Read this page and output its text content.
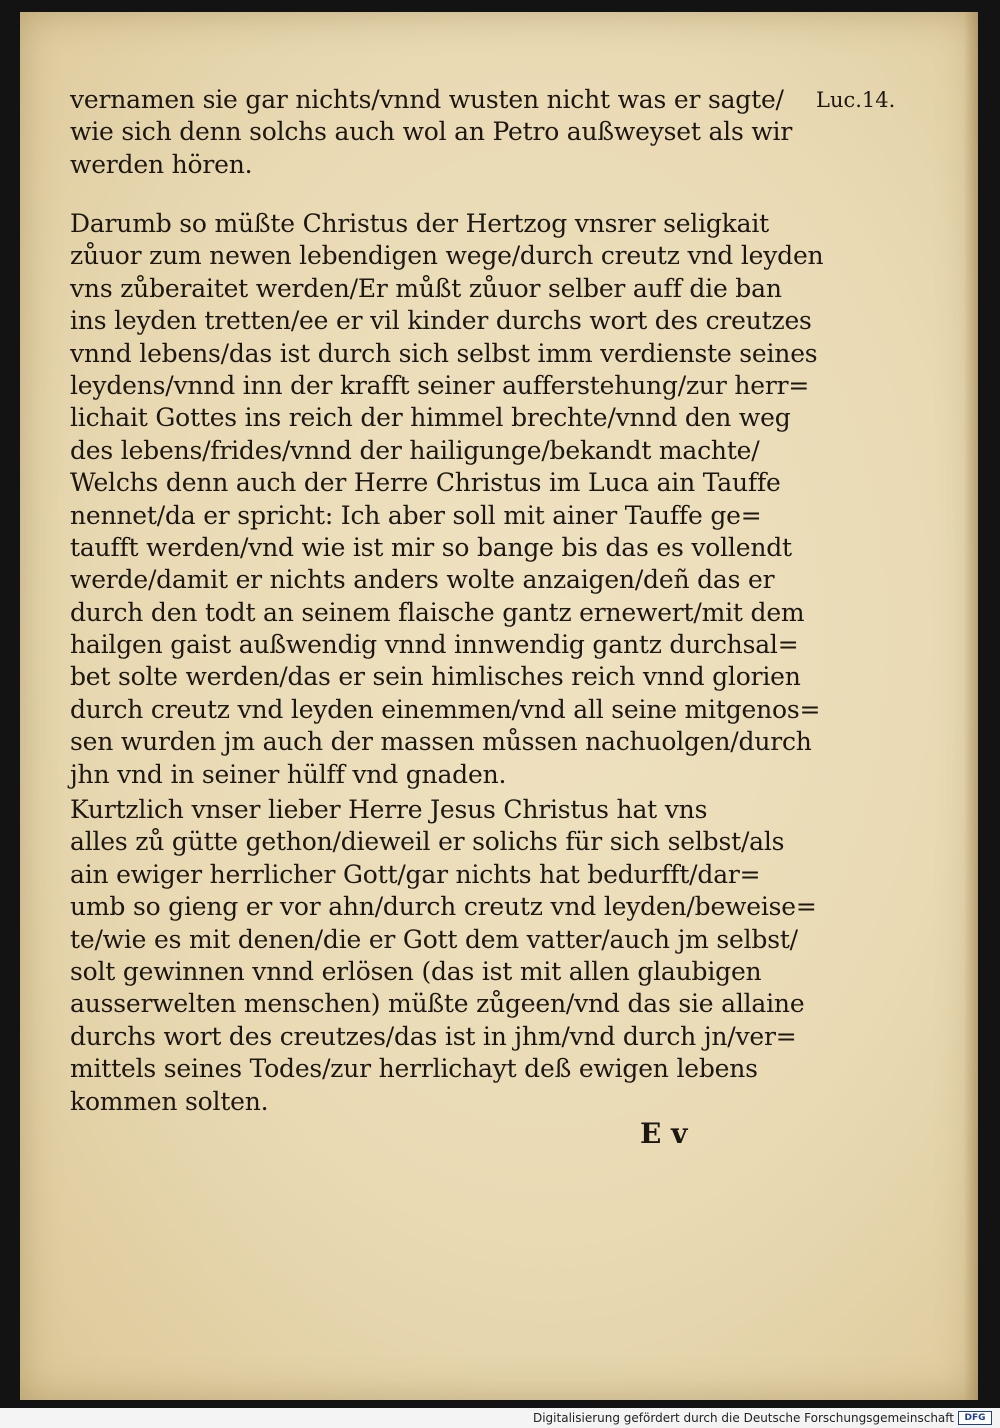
Luc.14.
vernamen sie gar nichts/vnnd wusten nicht was er sagte/
wie sich denn solchs auch wol an Petro außweyset als wir
werden hören.
Darumb so müßte Christus der Hertzog vnsrer seligkait
zůuor zum newen lebendigen wege/durch creutz vnd leyden
vns zůberaitet werden/Er můßt zůuor selber auff die ban
ins leyden tretten/ee er vil kinder durchs wort des creutzes
vnnd lebens/das ist durch sich selbst imm verdienste seines
leydens/vnnd inn der krafft seiner aufferstehung/zur herr=
lichait Gottes ins reich der himmel brechte/vnnd den weg
des lebens/frides/vnnd der hailigunge/bekandt machte/
Welchs denn auch der Herre Christus im Luca ain Tauffe
nennet/da er spricht: Ich aber soll mit ainer Tauffe ge=
taufft werden/vnd wie ist mir so bange bis das es vollendt
werde/damit er nichts anders wolte anzaigen/deñ das er
durch den todt an seinem flaische gantz ernewert/mit dem
hailgen gaist außwendig vnnd innwendig gantz durchsal=
bet solte werden/das er sein himlisches reich vnnd glorien
durch creutz vnd leyden einemmen/vnd all seine mitgenos=
sen wurden jm auch der massen můssen nachuolgen/durch
jhn vnd in seiner hülff vnd gnaden.
Kurtzlich vnser lieber Herre Jesus Christus hat vns
alles zů gütte gethon/dieweil er solichs für sich selbst/als
ain ewiger herrlicher Gott/gar nichts hat bedurfft/dar=
umb so gieng er vor ahn/durch creutz vnd leyden/beweise=
te/wie es mit denen/die er Gott dem vatter/auch jm selbst/
solt gewinnen vnnd erlösen (das ist mit allen glaubigen
ausserwelten menschen) müßte zůgeen/vnd das sie allaine
durchs wort des creutzes/das ist in jhm/vnd durch jn/ver=
mittels seines Todes/zur herrlichayt deß ewigen lebens
kommen solten.
E v
Digitalisierung gefördert durch die Deutsche Forschungsgemeinschaft	DFG
